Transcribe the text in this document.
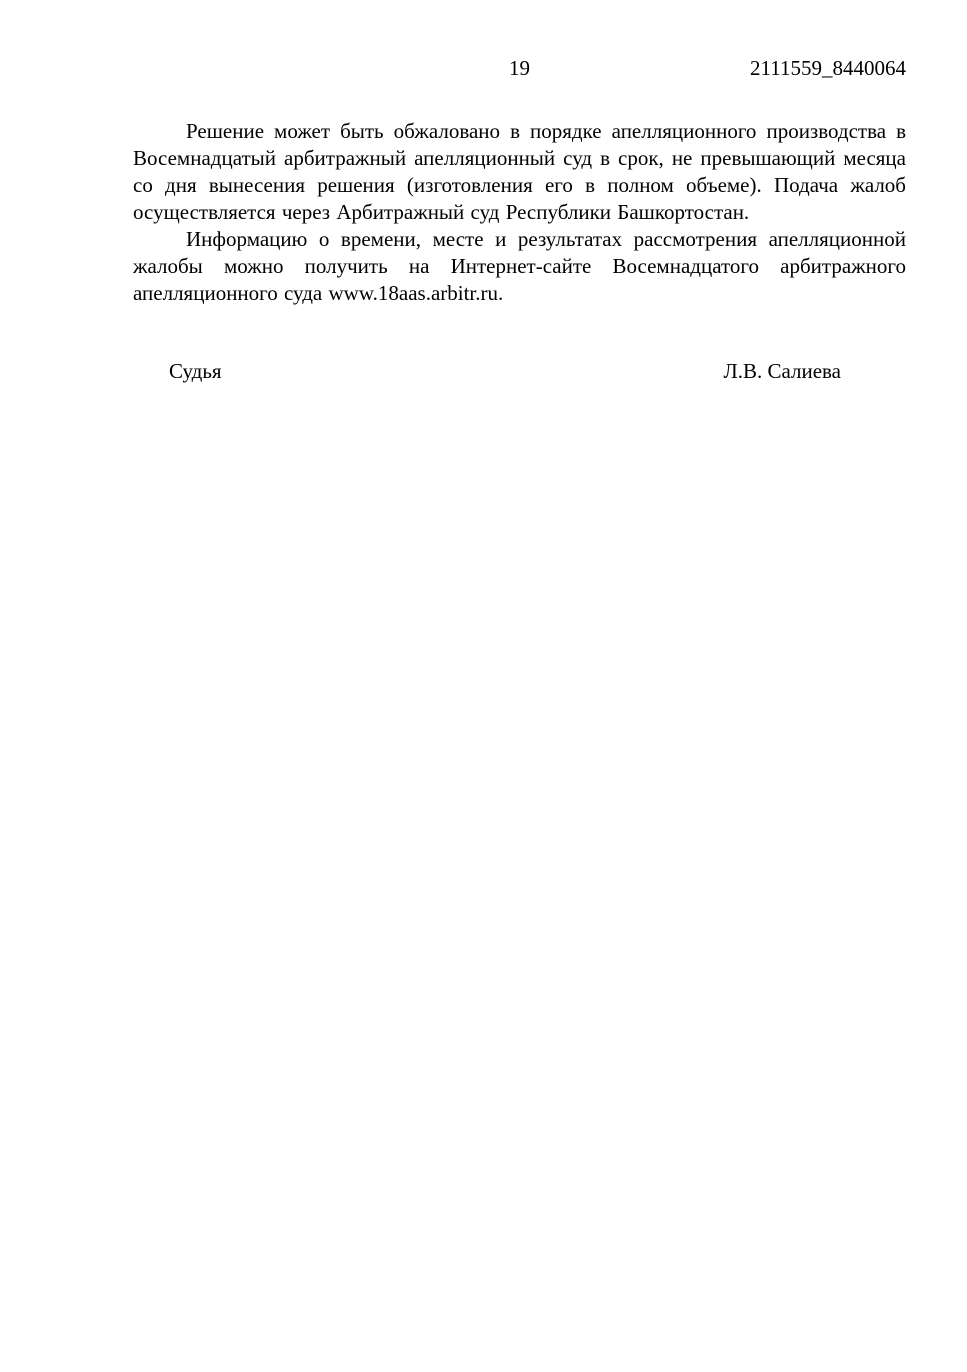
19	2111559_8440064

Решение может быть обжаловано в порядке апелляционного производства в Восемнадцатый арбитражный апелляционный суд в срок, не превышающий месяца со дня вынесения решения (изготовления его в полном объеме). Подача жалоб осуществляется через Арбитражный суд Республики Башкортостан.

Информацию о времени, месте и результатах рассмотрения апелляционной жалобы можно получить на Интернет-сайте Восемнадцатого арбитражного апелляционного суда www.18aas.arbitr.ru.

Судья	Л.В. Салиева
